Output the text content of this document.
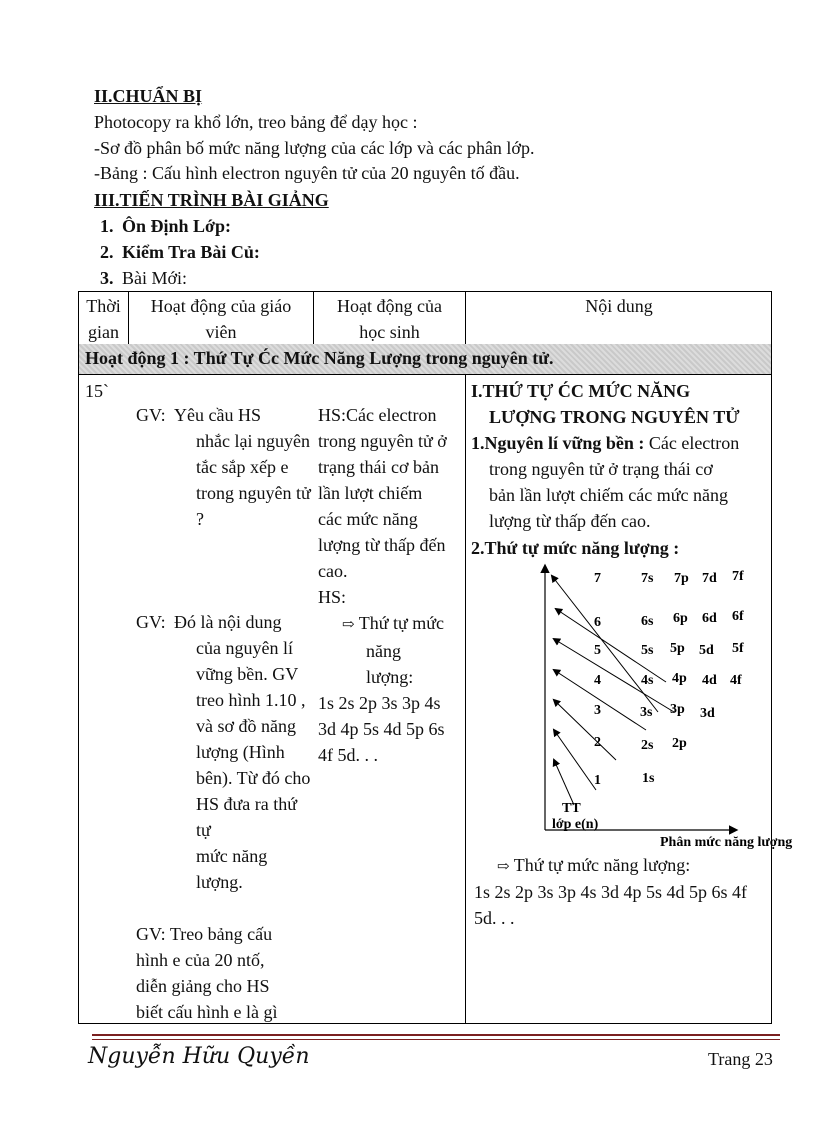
II.CHUẨN BỊ
Photocopy ra khổ lớn, treo bảng để dạy học :
-Sơ đồ phân bố mức năng lượng của các lớp và các phân lớp.
-Bảng : Cấu hình electron nguyên tử của 20 nguyên tố đầu.
III.TIẾN TRÌNH BÀI GIẢNG
1. Ôn Định Lớp:
2. Kiểm Tra Bài Củ:
3. Bài Mới:
Thời
gian
Hoạt động của giáo
viên
Hoạt động của
học sinh
Nội dung
Hoạt động 1 : Thứ Tự Ćc Mức Năng Lượng trong nguyên tử.
15`
GV: Yêu cầu HS
nhắc lại nguyên
tắc sắp xếp e
trong nguyên tử
?
GV: Đó là nội dung
của nguyên lí
vững bền. GV
treo hình 1.10 ,
và sơ đồ năng
lượng (Hình
bên). Từ đó cho
HS đưa ra thứ tự
mức năng lượng.
GV: Treo bảng cấu
hình e của 20 ntố,
diễn giảng cho HS
biết cấu hình e là gì
HS:Các electron
trong nguyên tử ở
trạng thái cơ bản
lần lượt chiếm
các mức năng
lượng từ thấp đến
cao.
HS:
⇨ Thứ tự mức
năng
lượng:
1s 2s 2p 3s 3p 4s
3d 4p 5s 4d 5p 6s
4f 5d. . .
I.THỨ TỰ ĆC MỨC NĂNG
LƯỢNG TRONG NGUYÊN TỬ
1.Nguyên lí vững bền : Các electron
trong nguyên tử ở trạng thái cơ
bản lần lượt chiếm các mức năng
lượng từ thấp đến cao.
2.Thứ tự mức năng lượng :
7
6
5
4
3
2
1
TT
lớp e(n)
Phân mức năng lượng
7s 7p 7d 7f
6s 6p 6d 6f
5s 5p 5d 5f
4s 4p 4d 4f
3s 3p 3d
2s 2p
1s
⇨ Thứ tự mức năng lượng:
1s 2s 2p 3s 3p 4s 3d 4p 5s 4d 5p 6s 4f
5d. . .
Nguyễn Hữu Quyền	Trang 23
